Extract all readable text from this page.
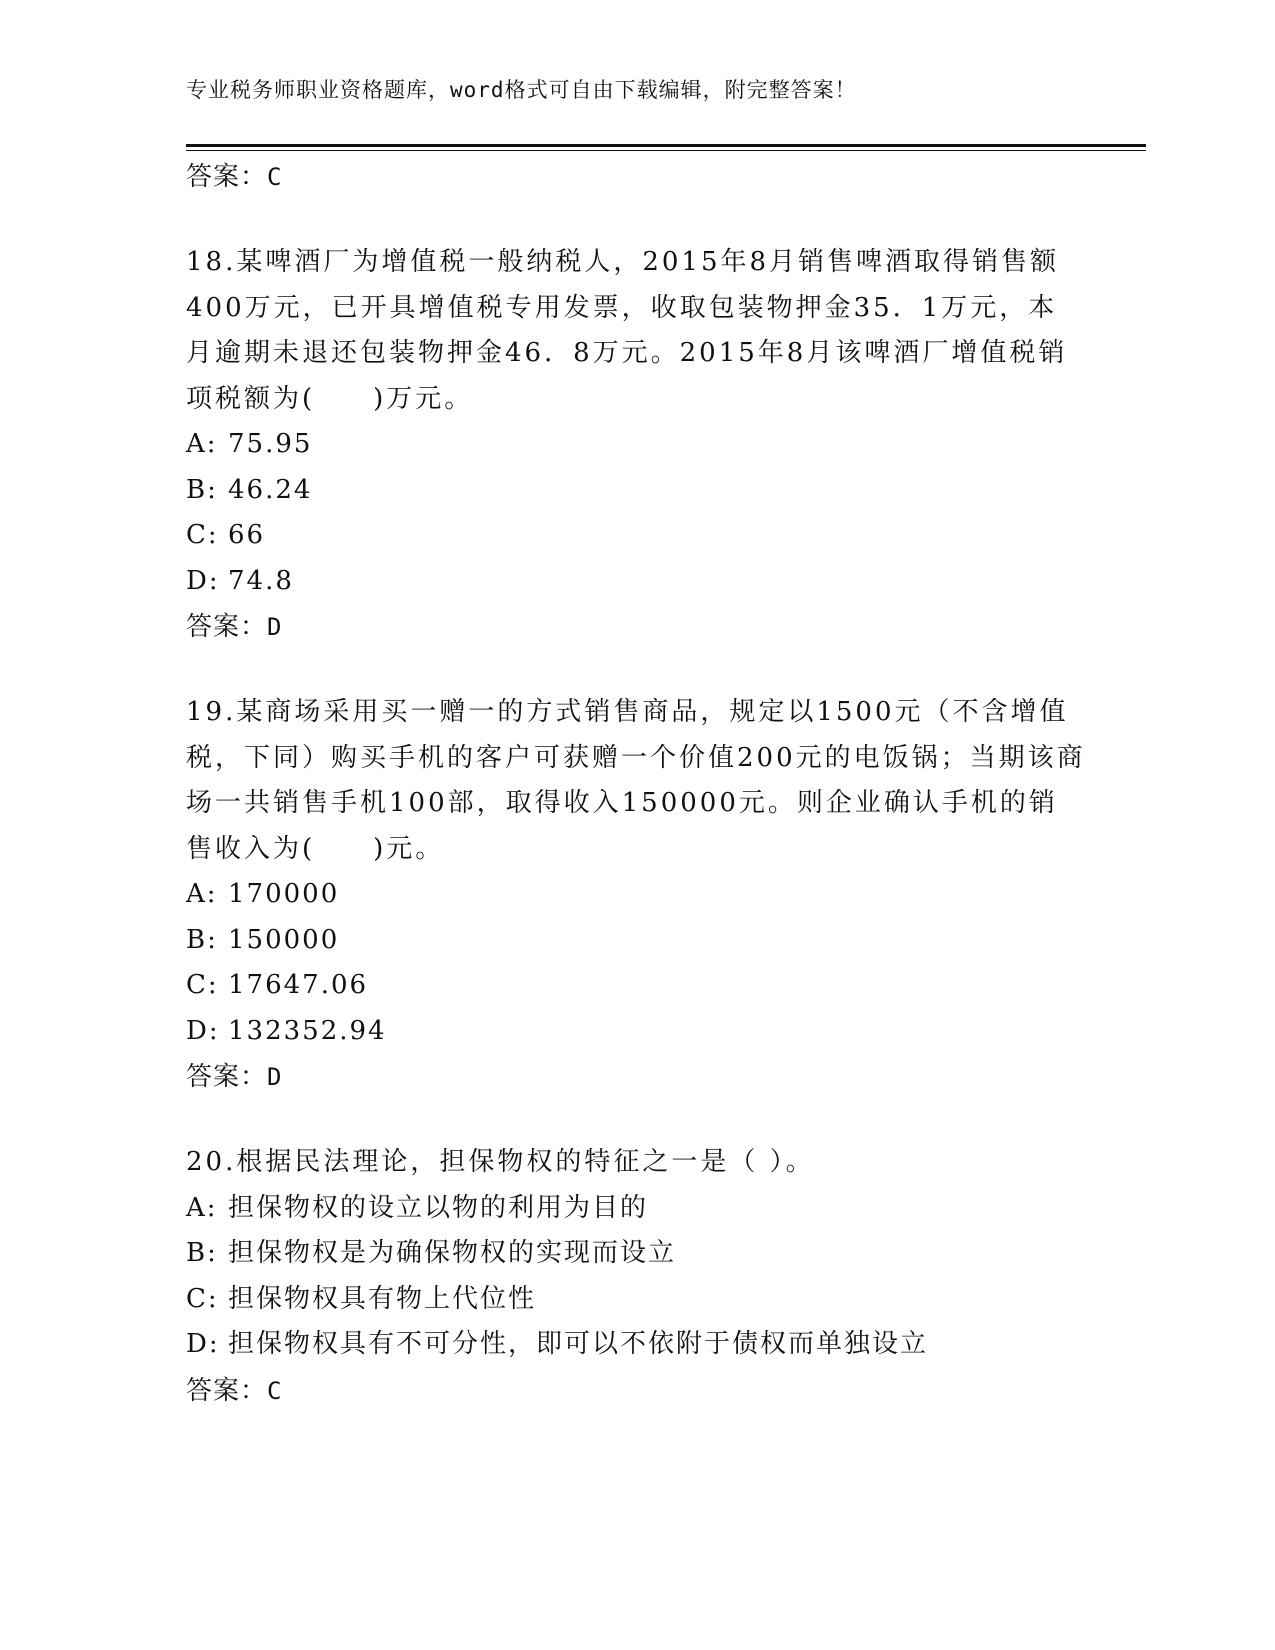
专业税务师职业资格题库，word格式可自由下载编辑，附完整答案！
答案：C
18.某啤酒厂为增值税一般纳税人，2015年8月销售啤酒取得销售额400万元，已开具增值税专用发票，收取包装物押金35．1万元，本月逾期未退还包装物押金46．8万元。2015年8月该啤酒厂增值税销项税额为(　　)万元。
A: 75.95
B: 46.24
C: 66
D: 74.8
答案：D
19.某商场采用买一赠一的方式销售商品，规定以1500元（不含增值税，下同）购买手机的客户可获赠一个价值200元的电饭锅；当期该商场一共销售手机100部，取得收入150000元。则企业确认手机的销售收入为(　　)元。
A: 170000
B: 150000
C: 17647.06
D: 132352.94
答案：D
20.根据民法理论，担保物权的特征之一是（ ）。
A: 担保物权的设立以物的利用为目的
B: 担保物权是为确保物权的实现而设立
C: 担保物权具有物上代位性
D: 担保物权具有不可分性，即可以不依附于债权而单独设立
答案：C
